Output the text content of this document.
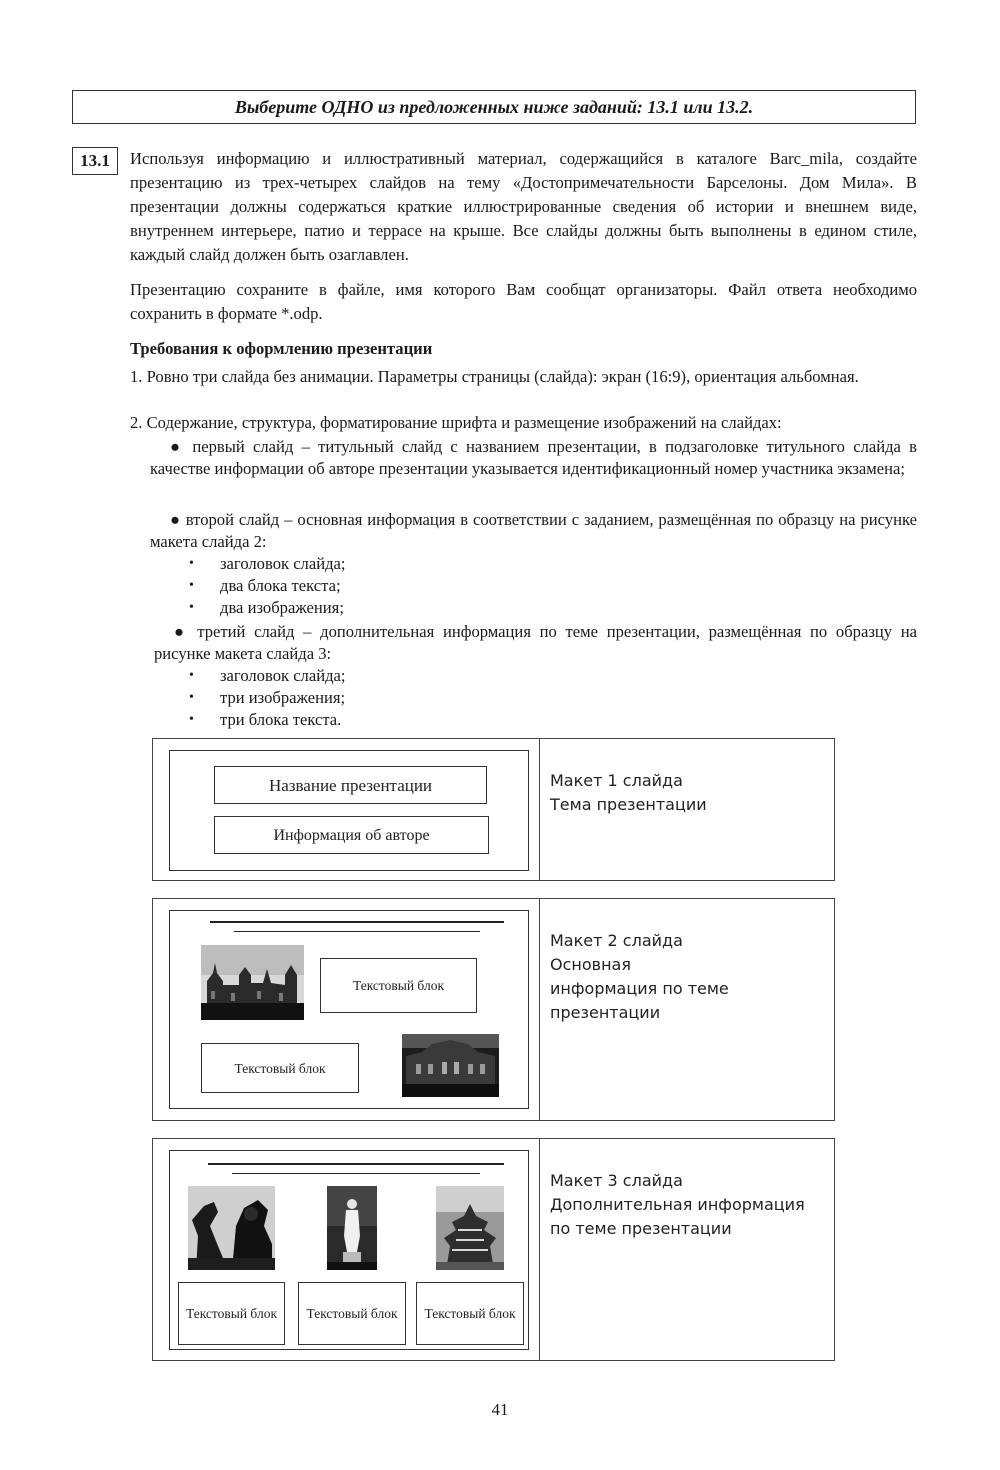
Выберите ОДНО из предложенных ниже заданий: 13.1 или 13.2.
13.1	Используя информацию и иллюстративный материал, содержащийся в каталоге Barc_mila, создайте презентацию из трех-четырех слайдов на тему «Достопримечательности Барселоны. Дом Мила». В презентации должны содержаться краткие иллюстрированные сведения об истории и внешнем виде, внутреннем интерьере, патио и террасе на крыше. Все слайды должны быть выполнены в едином стиле, каждый слайд должен быть озаглавлен.

Презентацию сохраните в файле, имя которого Вам сообщат организаторы. Файл ответа необходимо сохранить в формате *.odp.

Требования к оформлению презентации

1. Ровно три слайда без анимации. Параметры страницы (слайда): экран (16:9), ориентация альбомная.

2. Содержание, структура, форматирование шрифта и размещение изображений на слайдах:

● первый слайд – титульный слайд с названием презентации, в подзаголовке титульного слайда в качестве информации об авторе презентации указывается идентификационный номер участника экзамена;

● второй слайд – основная информация в соответствии с заданием, размещённая по образцу на рисунке макета слайда 2:

• заголовок слайда;
• два блока текста;
• два изображения;

● третий слайд – дополнительная информация по теме презентации, размещённая по образцу на рисунке макета слайда 3:

• заголовок слайда;
• три изображения;
• три блока текста.
Название презентации
Информация об авторе
Макет 1 слайда
Тема презентации
Текстовый блок
Текстовый блок
Макет 2 слайда
Основная
информация по теме
презентации
Текстовый блок	Текстовый блок	Текстовый блок
Макет 3 слайда
Дополнительная информация
по теме презентации
41
